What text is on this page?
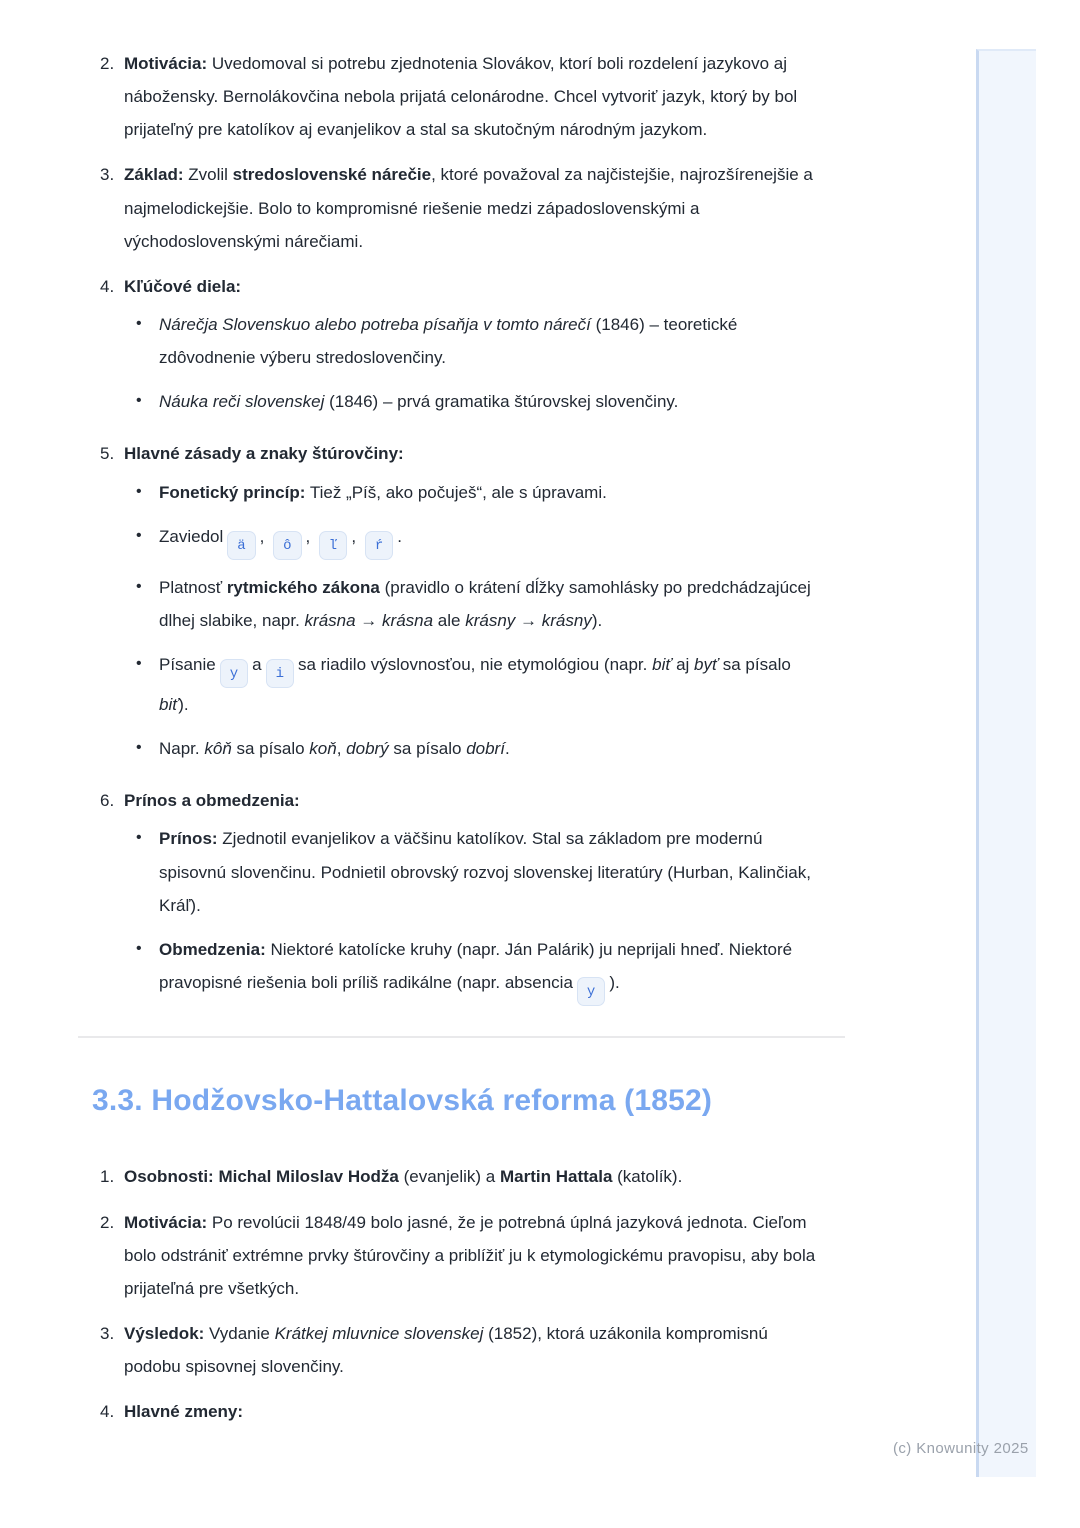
2. Motivácia: Uvedomoval si potrebu zjednotenia Slovákov, ktorí boli rozdelení jazykovo aj nábožensky. Bernolákovčina nebola prijatá celonárodne. Chcel vytvoriť jazyk, ktorý by bol prijateľný pre katolíkov aj evanjelikov a stal sa skutočným národným jazykom.
3. Základ: Zvolil stredoslovenské nárečie, ktoré považoval za najčistejšie, najrozšírenejšie a najmelodickejšie. Bolo to kompromisné riešenie medzi západoslovenskými a východoslovenskými nárečiami.
4. Kľúčové diela:
•	Nárečja Slovenskuo alebo potreba písaňja v tomto nárečí (1846) – teoretické zdôvodnenie výberu stredoslovenčiny.
•	Náuka reči slovenskej (1846) – prvá gramatika štúrovskej slovenčiny.
5. Hlavné zásady a znaky štúrovčiny:
•	Fonetický princíp: Tiež „Píš, ako počuješ“, ale s úpravami.
•	Zaviedol ä , ô , ľ , ŕ .
•	Platnosť rytmického zákona (pravidlo o krátení dĺžky samohlásky po predchádzajúcej dlhej slabike, napr. krásna → krásna ale krásny → krásny).
•	Písanie y a i sa riadilo výslovnosťou, nie etymológiou (napr. biť aj byť sa písalo biť).
•	Napr. kôň sa písalo koň, dobrý sa písalo dobrí.
6. Prínos a obmedzenia:
•	Prínos: Zjednotil evanjelikov a väčšinu katolíkov. Stal sa základom pre modernú spisovnú slovenčinu. Podnietil obrovský rozvoj slovenskej literatúry (Hurban, Kalinčiak, Kráľ).
•	Obmedzenia: Niektoré katolícke kruhy (napr. Ján Palárik) ju neprijali hneď. Niektoré pravopisné riešenia boli príliš radikálne (napr. absencia y ).
3.3. Hodžovsko-Hattalovská reforma (1852)
1. Osobnosti: Michal Miloslav Hodža (evanjelik) a Martin Hattala (katolík).
2. Motivácia: Po revolúcii 1848/49 bolo jasné, že je potrebná úplná jazyková jednota. Cieľom bolo odstrániť extrémne prvky štúrovčiny a priblížiť ju k etymologickému pravopisu, aby bola prijateľná pre všetkých.
3. Výsledok: Vydanie Krátkej mluvnice slovenskej (1852), ktorá uzákonila kompromisnú podobu spisovnej slovenčiny.
4. Hlavné zmeny:
(c) Knowunity 2025
